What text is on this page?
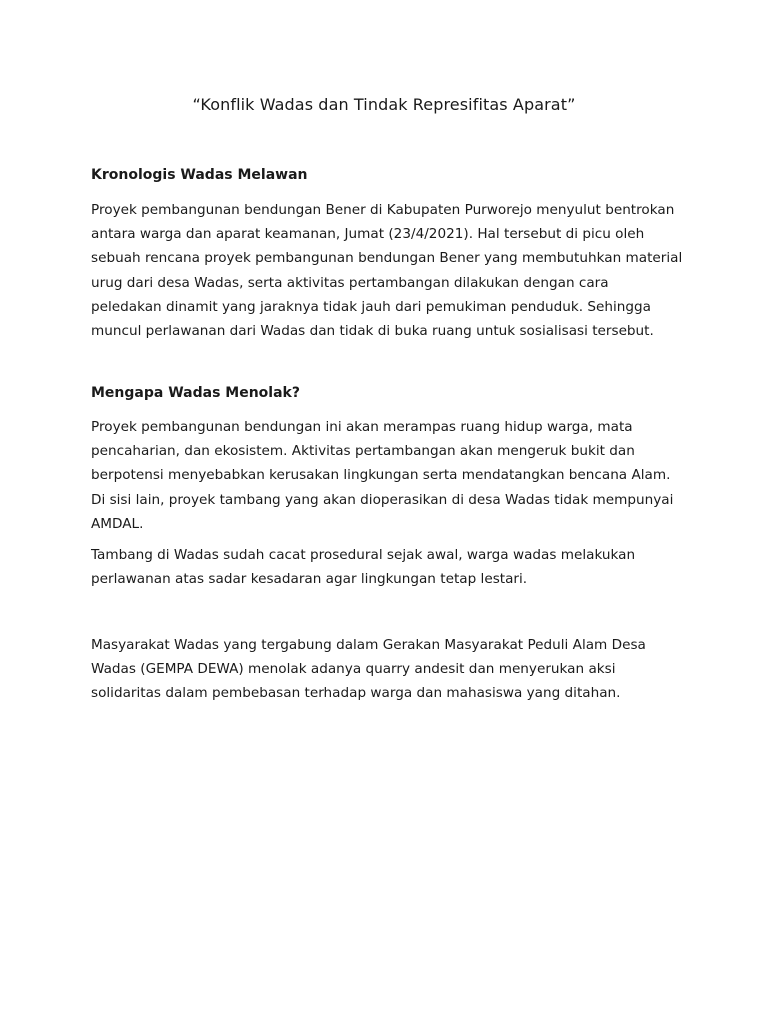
“Konflik Wadas dan Tindak Represifitas Aparat”
Kronologis Wadas Melawan

Proyek pembangunan bendungan Bener di Kabupaten Purworejo menyulut bentrokan
antara warga dan aparat keamanan, Jumat (23/4/2021). Hal tersebut di picu oleh
sebuah rencana proyek pembangunan bendungan Bener yang membutuhkan material
urug dari desa Wadas, serta aktivitas pertambangan dilakukan dengan cara
peledakan dinamit yang jaraknya tidak jauh dari pemukiman penduduk. Sehingga
muncul perlawanan dari Wadas dan tidak di buka ruang untuk sosialisasi tersebut.

Mengapa Wadas Menolak?

Proyek pembangunan bendungan ini akan merampas ruang hidup warga, mata
pencaharian, dan ekosistem. Aktivitas pertambangan akan mengeruk bukit dan
berpotensi menyebabkan kerusakan lingkungan serta mendatangkan bencana Alam.
Di sisi lain, proyek tambang yang akan dioperasikan di desa Wadas tidak mempunyai
AMDAL.

Tambang di Wadas sudah cacat prosedural sejak awal, warga wadas melakukan
perlawanan atas sadar kesadaran agar lingkungan tetap lestari.

Masyarakat Wadas yang tergabung dalam Gerakan Masyarakat Peduli Alam Desa
Wadas (GEMPA DEWA) menolak adanya quarry andesit dan menyerukan aksi
solidaritas dalam pembebasan terhadap warga dan mahasiswa yang ditahan.
